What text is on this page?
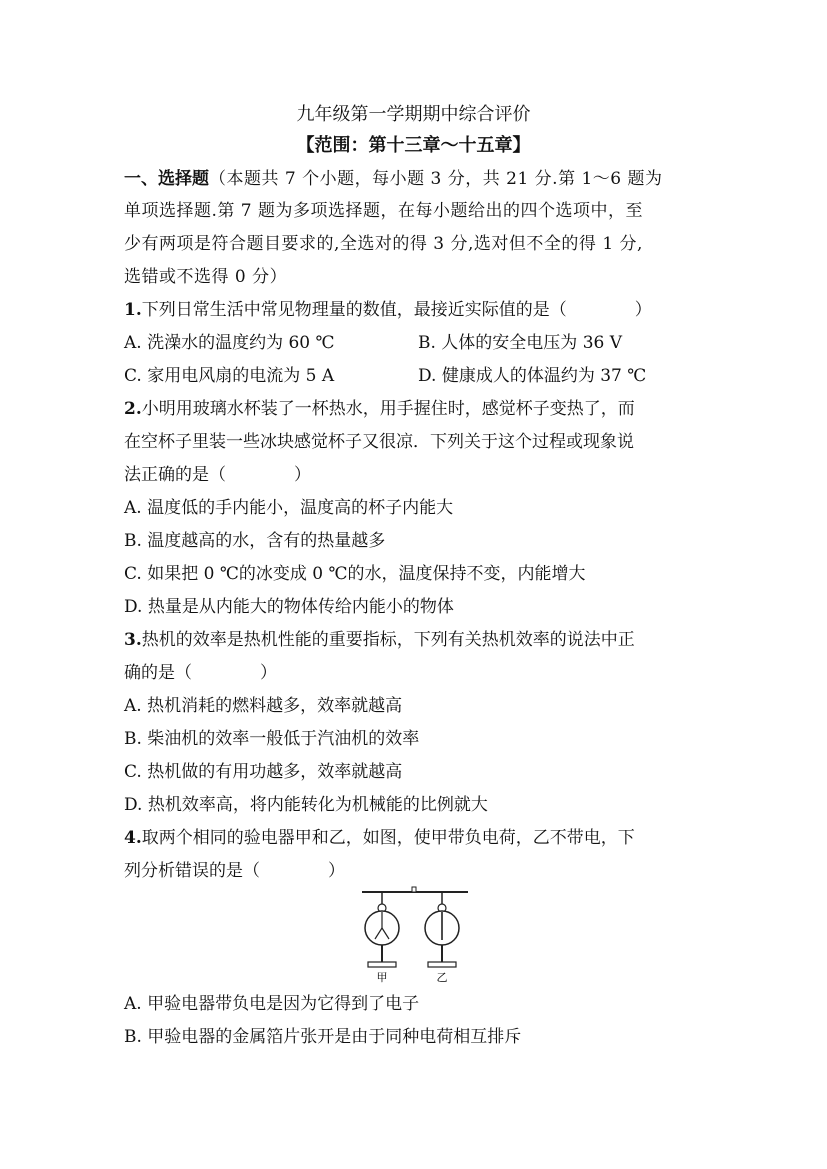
九年级第一学期期中综合评价
【范围：第十三章～十五章】
一、选择题（本题共 7 个小题，每小题 3 分，共 21 分.第 1～6 题为
单项选择题.第 7 题为多项选择题，在每小题给出的四个选项中，至
少有两项是符合题目要求的,全选对的得 3 分,选对但不全的得 1 分,
选错或不选得 0 分）
1.下列日常生活中常见物理量的数值，最接近实际值的是（　　　　）
A. 洗澡水的温度约为 60 ℃	B. 人体的安全电压为 36 V
C. 家用电风扇的电流为 5 A	D. 健康成人的体温约为 37 ℃
2.小明用玻璃水杯装了一杯热水，用手握住时，感觉杯子变热了，而
在空杯子里装一些冰块感觉杯子又很凉．下列关于这个过程或现象说
法正确的是（　　　　）
A. 温度低的手内能小，温度高的杯子内能大
B. 温度越高的水，含有的热量越多
C. 如果把 0 ℃的冰变成 0 ℃的水，温度保持不变，内能增大
D. 热量是从内能大的物体传给内能小的物体
3.热机的效率是热机性能的重要指标，下列有关热机效率的说法中正
确的是（　　　　）
A. 热机消耗的燃料越多，效率就越高
B. 柴油机的效率一般低于汽油机的效率
C. 热机做的有用功越多，效率就越高
D. 热机效率高，将内能转化为机械能的比例就大
4.取两个相同的验电器甲和乙，如图，使甲带负电荷，乙不带电，下
列分析错误的是（　　　　）
甲	乙
A. 甲验电器带负电是因为它得到了电子
B. 甲验电器的金属箔片张开是由于同种电荷相互排斥
